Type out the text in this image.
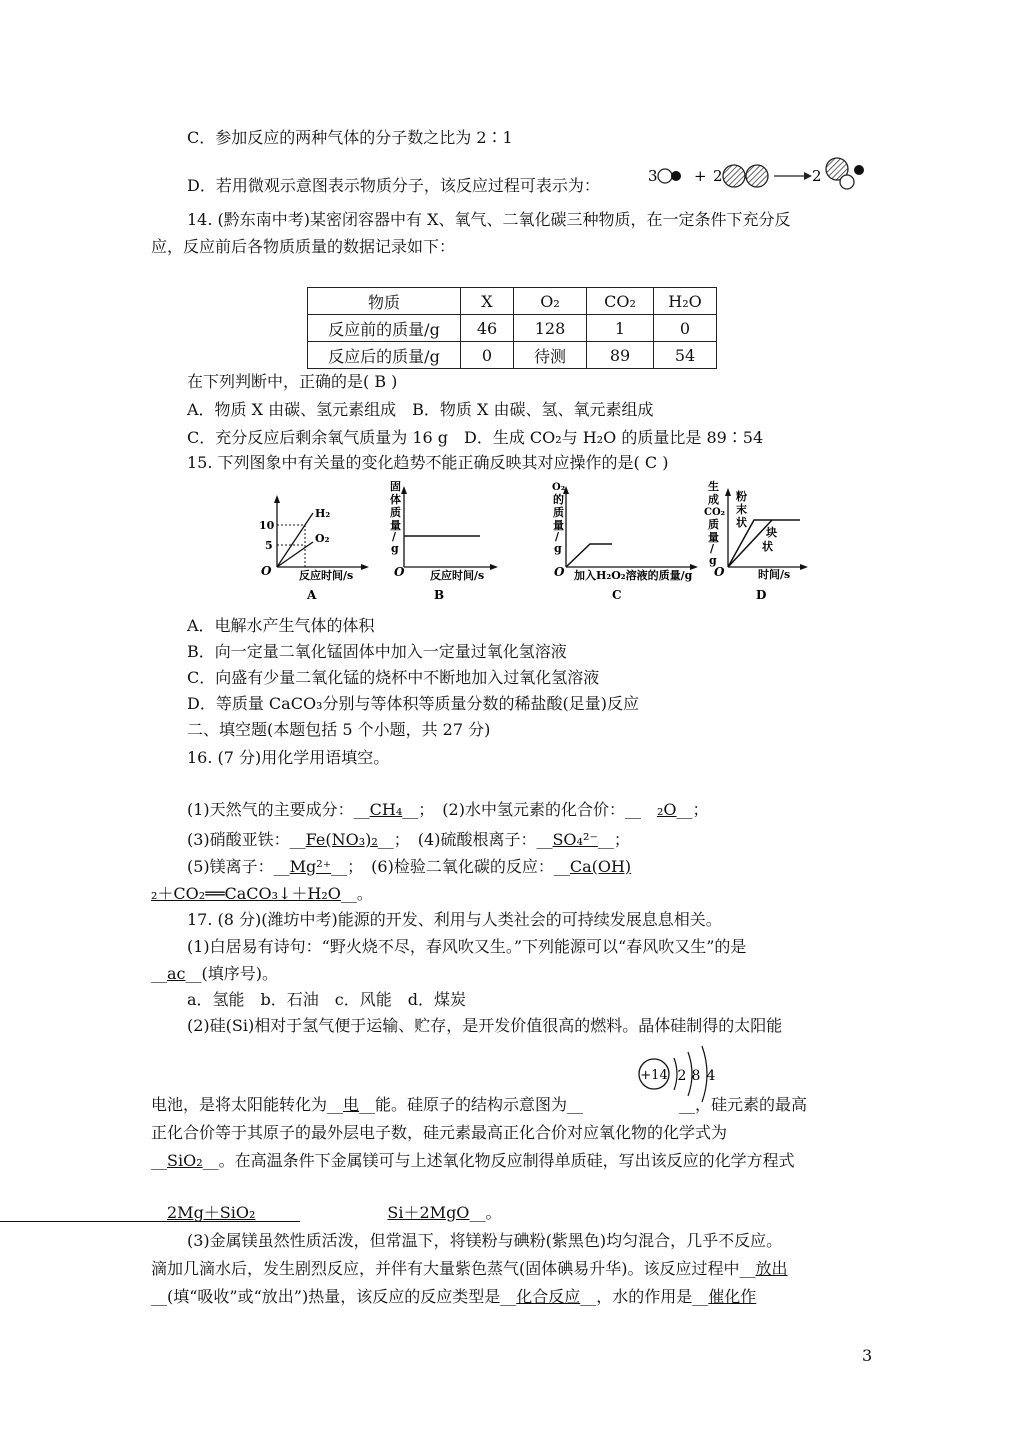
C．参加反应的两种气体的分子数之比为 2∶1
D．若用微观示意图表示物质分子，该反应过程可表示为：	3 + 2	2
14. (黔东南中考)某密闭容器中有 X、氧气、二氧化碳三种物质，在一定条件下充分反
应，反应前后各物质质量的数据记录如下：
物质	X	O₂	CO₂	H₂O
反应前的质量/g	46	128	1	0
反应后的质量/g	0	待测	89	54
在下列判断中，正确的是( B )
A．物质 X 由碳、氢元素组成　B．物质 X 由碳、氢、氧元素组成
C．充分反应后剩余氧气质量为 16 g　D．生成 CO₂与 H₂O 的质量比是 89∶54
15. 下列图象中有关量的变化趋势不能正确反映其对应操作的是( C )
10
5
H₂
O₂
O	反应时间/s
A
固
体
质
量
/
g
O 反应时间/s
B
O₂
的
质
量
/
g
O 加入H₂O₂溶液的质量/g
C
生
成
CO₂
质
量
/
g
粉
末
状
块
状
O	时间/s
D
A．电解水产生气体的体积
B．向一定量二氧化锰固体中加入一定量过氧化氢溶液
C．向盛有少量二氧化锰的烧杯中不断地加入过氧化氢溶液
D．等质量 CaCO₃分别与等体积等质量分数的稀盐酸(足量)反应
二、填空题(本题包括 5 个小题，共 27 分)
16. (7 分)用化学用语填空。
(1)天然气的主要成分：__CH₄__；　(2)水中氢元素的化合价：__　₂O__；
(3)硝酸亚铁：__Fe(NO₃)₂__；　(4)硫酸根离子：__SO₄²⁻__；
(5)镁离子：__Mg²⁺__；　(6)检验二氧化碳的反应：__Ca(OH)
₂＋CO₂══CaCO₃↓＋H₂O__。
17. (8 分)(潍坊中考)能源的开发、利用与人类社会的可持续发展息息相关。
(1)白居易有诗句：“野火烧不尽，春风吹又生。”下列能源可以“春风吹又生”的是
__ac__(填序号)。
a．氢能　b．石油　c．风能　d．煤炭
(2)硅(Si)相对于氢气便于运输、贮存，是开发价值很高的燃料。晶体硅制得的太阳能
+14 2 8 4
电池，是将太阳能转化为__电__能。硅原子的结构示意图为__	__，硅元素的最高
正化合价等于其原子的最外层电子数，硅元素最高正化合价对应氧化物的化学式为
__SiO₂__。在高温条件下金属镁可与上述氧化物反应制得单质硅，写出该反应的化学方程式
__2Mg＋SiO₂	Si＋2MgO__。
(3)金属镁虽然性质活泼，但常温下，将镁粉与碘粉(紫黑色)均匀混合，几乎不反应。
滴加几滴水后，发生剧烈反应，并伴有大量紫色蒸气(固体碘易升华)。该反应过程中__放出
__(填“吸收”或“放出”)热量，该反应的反应类型是__化合反应__，水的作用是__催化作
3
